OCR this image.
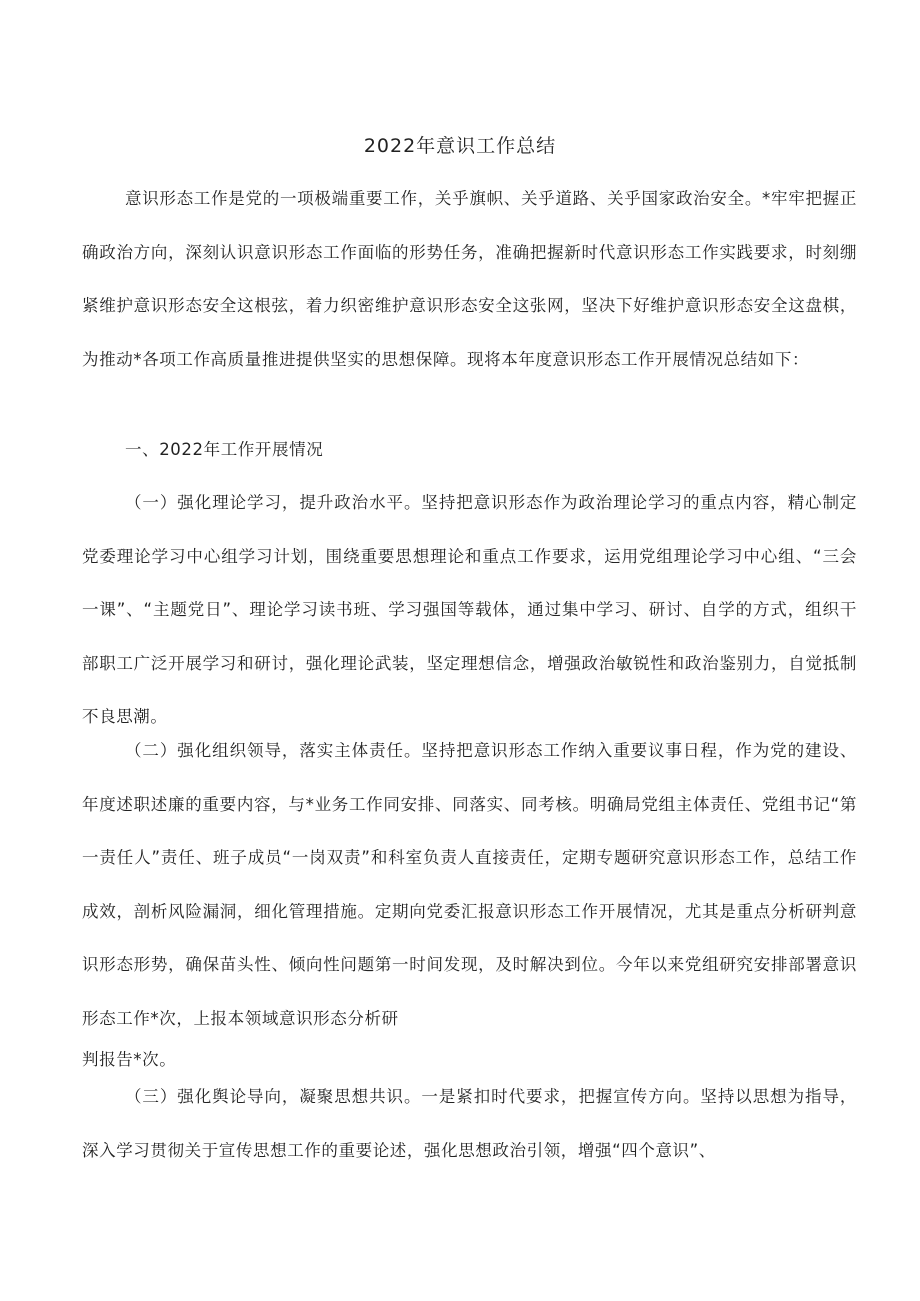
2022年意识工作总结

意识形态工作是党的一项极端重要工作，关乎旗帜、关乎道路、关乎国家政治安全。*牢牢把握正确政治方向，深刻认识意识形态工作面临的形势任务，准确把握新时代意识形态工作实践要求，时刻绷紧维护意识形态安全这根弦，着力织密维护意识形态安全这张网，坚决下好维护意识形态安全这盘棋，为推动*各项工作高质量推进提供坚实的思想保障。现将本年度意识形态工作开展情况总结如下：

一、2022年工作开展情况

（一）强化理论学习，提升政治水平。坚持把意识形态作为政治理论学习的重点内容，精心制定党委理论学习中心组学习计划，围绕重要思想理论和重点工作要求，运用党组理论学习中心组、“三会一课”、“主题党日”、理论学习读书班、学习强国等载体，通过集中学习、研讨、自学的方式，组织干部职工广泛开展学习和研讨，强化理论武装，坚定理想信念，增强政治敏锐性和政治鉴别力，自觉抵制不良思潮。

（二）强化组织领导，落实主体责任。坚持把意识形态工作纳入重要议事日程，作为党的建设、年度述职述廉的重要内容，与*业务工作同安排、同落实、同考核。明确局党组主体责任、党组书记“第一责任人”责任、班子成员“一岗双责”和科室负责人直接责任，定期专题研究意识形态工作，总结工作成效，剖析风险漏洞，细化管理措施。定期向党委汇报意识形态工作开展情况，尤其是重点分析研判意识形态形势，确保苗头性、倾向性问题第一时间发现，及时解决到位。今年以来党组研究安排部署意识形态工作*次，上报本领域意识形态分析研
判报告*次。

（三）强化舆论导向，凝聚思想共识。一是紧扣时代要求，把握宣传方向。坚持以思想为指导，深入学习贯彻关于宣传思想工作的重要论述，强化思想政治引领，增强“四个意识”、
